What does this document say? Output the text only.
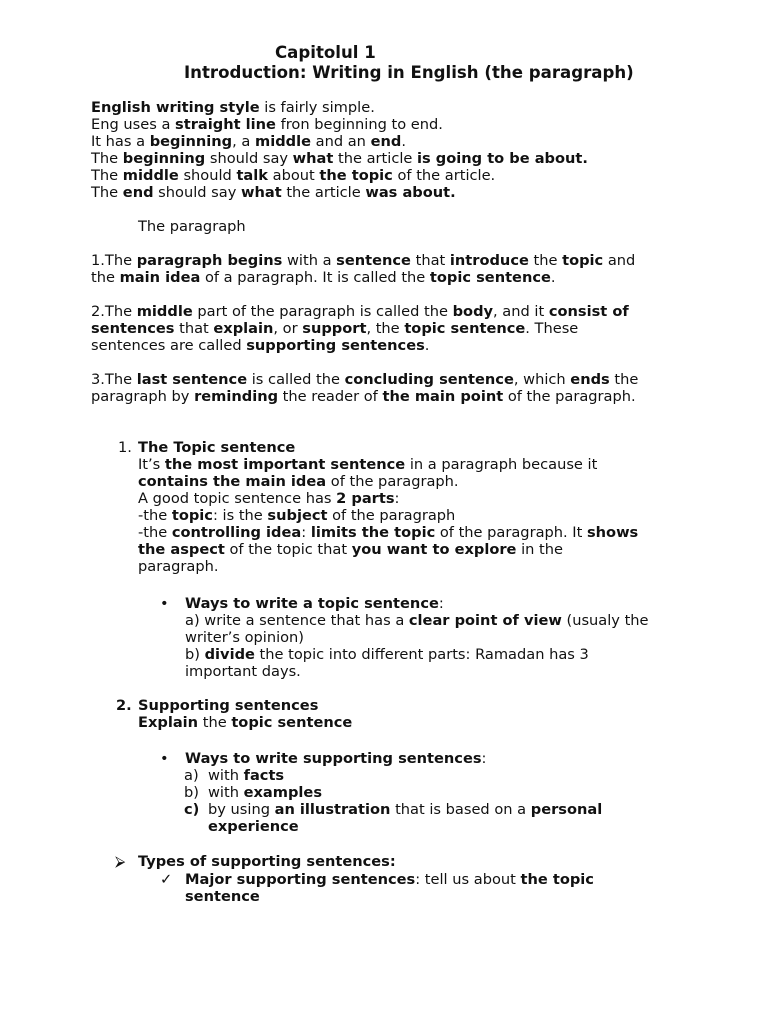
Capitolul 1
Introduction: Writing in English (the paragraph)
1.
•
2.
•
a)
b)
c)
⮚
✓
English writing style is fairly simple.
Eng uses a straight line fron beginning to end.
It has a beginning, a middle and an end.
The beginning should say what the article is going to be about.
The middle should talk about the topic of the article.
The end should say what the article was about.
The paragraph
1.The paragraph begins with a sentence that introduce the topic and
the main idea of a paragraph. It is called the topic sentence.
2.The middle part of the paragraph is called the body, and it consist of
sentences that explain, or support, the topic sentence. These
sentences are called supporting sentences.
3.The last sentence is called the concluding sentence, which ends the
paragraph by reminding the reader of the main point of the paragraph.
The Topic sentence
It’s the most important sentence in a paragraph because it
contains the main idea of the paragraph.
A good topic sentence has 2 parts:
-the topic: is the subject of the paragraph
-the controlling idea: limits the topic of the paragraph. It shows
the aspect of the topic that you want to explore in the
paragraph.
Ways to write a topic sentence:
a) write a sentence that has a clear point of view (usualy the
writer’s opinion)
b) divide the topic into different parts: Ramadan has 3
important days.
Supporting sentences
Explain the topic sentence
Ways to write supporting sentences:
with facts
with examples
by using an illustration that is based on a personal
experience
Types of supporting sentences:
Major supporting sentences: tell us about the topic
sentence
